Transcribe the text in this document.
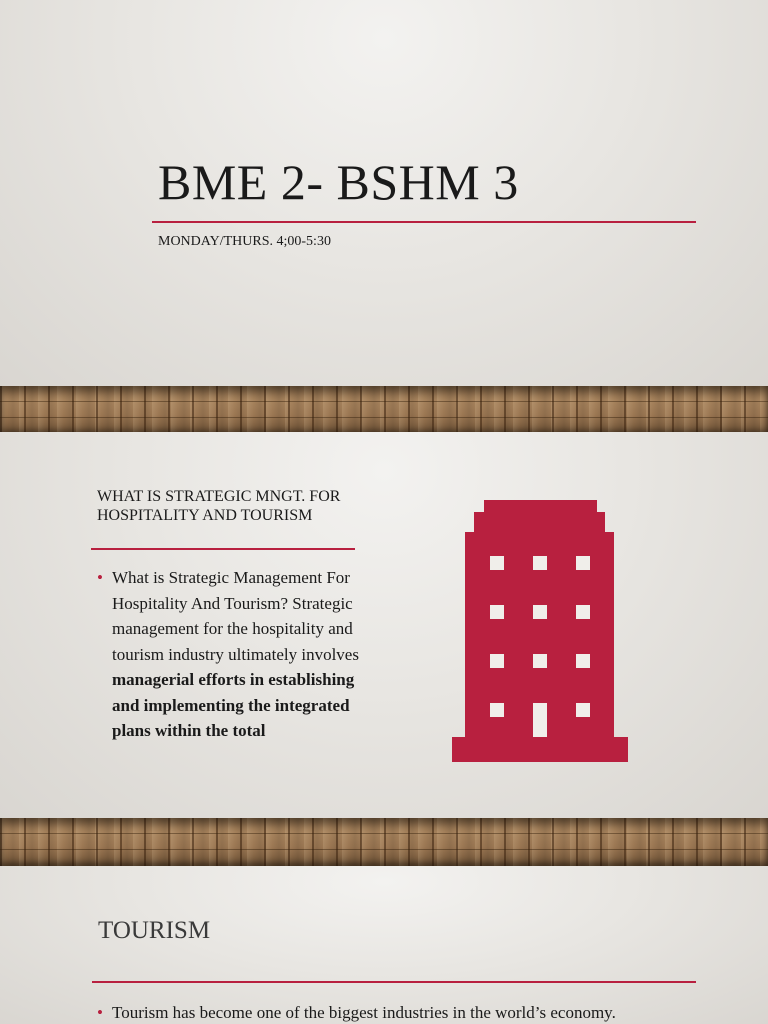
BME 2- BSHM 3

MONDAY/THURS. 4;00-5:30

WHAT IS STRATEGIC MNGT. FOR HOSPITALITY AND TOURISM

• What is Strategic Management For Hospitality And Tourism? Strategic management for the hospitality and tourism industry ultimately involves managerial efforts in establishing and implementing the integrated plans within the total

TOURISM

• Tourism has become one of the biggest industries in the world’s economy.
